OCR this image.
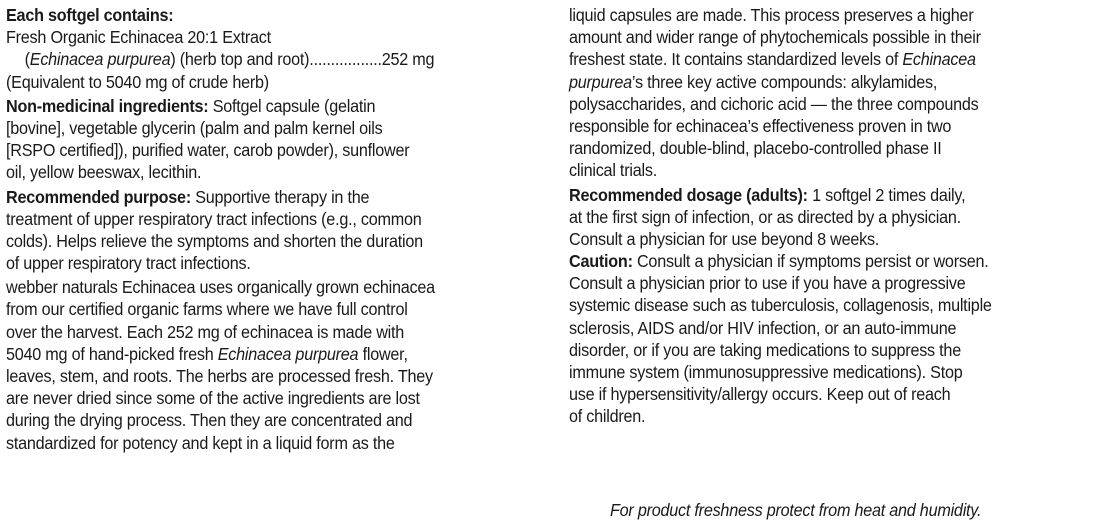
Each softgel contains:
Fresh Organic Echinacea 20:1 Extract
(Echinacea purpurea) (herb top and root).................252 mg
(Equivalent to 5040 mg of crude herb)
Non-medicinal ingredients: Softgel capsule (gelatin
[bovine], vegetable glycerin (palm and palm kernel oils
[RSPO certified]), purified water, carob powder), sunflower
oil, yellow beeswax, lecithin.
Recommended purpose: Supportive therapy in the
treatment of upper respiratory tract infections (e.g., common
colds). Helps relieve the symptoms and shorten the duration
of upper respiratory tract infections.
webber naturals Echinacea uses organically grown echinacea
from our certified organic farms where we have full control
over the harvest. Each 252 mg of echinacea is made with
5040 mg of hand-picked fresh Echinacea purpurea flower,
leaves, stem, and roots. The herbs are processed fresh. They
are never dried since some of the active ingredients are lost
during the drying process. Then they are concentrated and
standardized for potency and kept in a liquid form as the
liquid capsules are made. This process preserves a higher
amount and wider range of phytochemicals possible in their
freshest state. It contains standardized levels of Echinacea
purpurea’s three key active compounds: alkylamides,
polysaccharides, and cichoric acid — the three compounds
responsible for echinacea’s effectiveness proven in two
randomized, double-blind, placebo-controlled phase II
clinical trials.
Recommended dosage (adults): 1 softgel 2 times daily,
at the first sign of infection, or as directed by a physician.
Consult a physician for use beyond 8 weeks.
Caution: Consult a physician if symptoms persist or worsen.
Consult a physician prior to use if you have a progressive
systemic disease such as tuberculosis, collagenosis, multiple
sclerosis, AIDS and/or HIV infection, or an auto-immune
disorder, or if you are taking medications to suppress the
immune system (immunosuppressive medications). Stop
use if hypersensitivity/allergy occurs. Keep out of reach
of children.
For product freshness protect from heat and humidity.
